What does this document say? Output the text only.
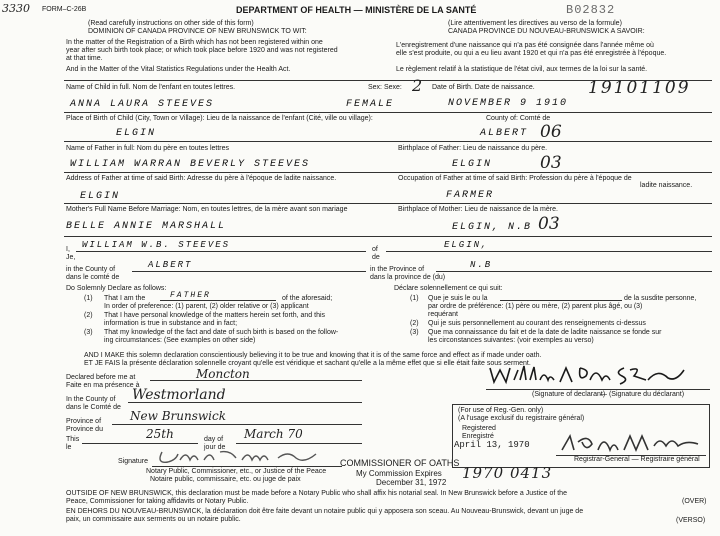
3330 FORM–C-26B	DEPARTMENT OF HEALTH — MINISTÈRE DE LA SANTÉ	B02832
(Read carefully instructions on other side of this form)	(Lire attentivement les directives au verso de la formule)
DOMINION OF CANADA PROVINCE OF NEW BRUNSWICK TO WIT:	CANADA PROVINCE DU NOUVEAU-BRUNSWICK A SAVOIR:
In the matter of the Registration of a Birth which has not been registered within one
year after such birth took place; or which took place before 1920 and was not registered
at that time.
And in the Matter of the Vital Statistics Regulations under the Health Act.
L'enregistrement d'une naissance qui n'a pas été consignée dans l'année même où
elle s'est produite, ou qui a eu lieu avant 1920 et qui n'a pas été enregistrée à l'époque.
Le règlement relatif à la statistique de l'état civil, aux termes de la loi sur la santé.
Name of Child in full. Nom de l'enfant en toutes lettres.	Sex: Sexe: 2 Date of Birth. Date de naissance.	19101109
ANNA LAURA STEEVES	FEMALE	NOVEMBER 9 1910
Place of Birth of Child (City, Town or Village): Lieu de la naissance de l'enfant (Cité, ville ou village):	County of: Comté de
ELGIN	ALBERT 06
Name of Father in full: Nom du père en toutes lettres	Birthplace of Father: Lieu de naissance du père.
WILLIAM WARRAN BEVERLY STEEVES	ELGIN	03
Address of Father at time of said Birth: Adresse du père à l'époque de ladite naissance.	Occupation of Father at time of said Birth: Profession du père à l'époque de
ladite naissance.
ELGIN	FARMER
Mother's Full Name Before Marriage: Nom, en toutes lettres, de la mère avant son mariage	Birthplace of Mother: Lieu de naissance de la mère.
BELLE ANNIE MARSHALL	ELGIN, N.B 03
I,
Je,
WILLIAM W.B. STEEVES	of
de
ELGIN,
in the County of
dans le comté de
ALBERT	in the Province of
dans la province de (du)
N.B
Do Solemnly Declare as follows:	Déclare solennellement ce qui suit:
(1) That I am the	FATHER	of the aforesaid;
In order of preference: (1) parent, (2) older relative or (3) applicant
(2) That I have personal knowledge of the matters herein set forth, and this
information is true in substance and in fact;
(3) That my knowledge of the fact and date of such birth is based on the follow-
ing circumstances: (See examples on other side)
(1) Que je suis le ou la	de la susdite personne,
par ordre de préférence: (1) père ou mère, (2) parent plus âgé, ou (3)
requérant
(2) Qui je suis personnellement au courant des renseignements ci-dessus
(3) Que ma connaissance du fait et de la date de ladite naissance se fonde sur
les circonstances suivantes: (voir exemples au verso)
AND I MAKE this solemn declaration conscientiously believing it to be true and knowing that it is of the same force and effect as if made under oath.
ET JE FAIS la présente déclaration solennelle croyant qu'elle est véridique et sachant qu'elle a la même effet que si elle était faite sous serment.
(Signature of declarant)
— (Signature du déclarant)
Declared before me at
Faite en ma présence à
Moncton
In the County of
dans le Comté de
Westmorland
Province of
Province du
New Brunswick
This
le
25th	day of
jour de
March 70
Signature
Notary Public, Commissioner, etc., or Justice of the Peace
Notaire public, commissaire, etc. ou juge de paix
COMMISSIONER OF OATHS
My Commission Expires
December 31, 1972
(For use of Reg.-Gen. only)
(A l'usage exclusif du registraire général)
Registered
Enregistré
April 13, 1970
Registrar-General — Registraire général
1970 0413
OUTSIDE OF NEW BRUNSWICK, this declaration must be made before a Notary Public who shall affix his notarial seal. In New Brunswick before a Justice of the
Peace, Commissioner for taking affidavits or Notary Public.	(OVER)
EN DEHORS DU NOUVEAU-BRUNSWICK, la déclaration doit être faite devant un notaire public qui y apposera son sceau. Au Nouveau-Brunswick, devant un juge de
paix, un commissaire aux serments ou un notaire public.	(VERSO)
